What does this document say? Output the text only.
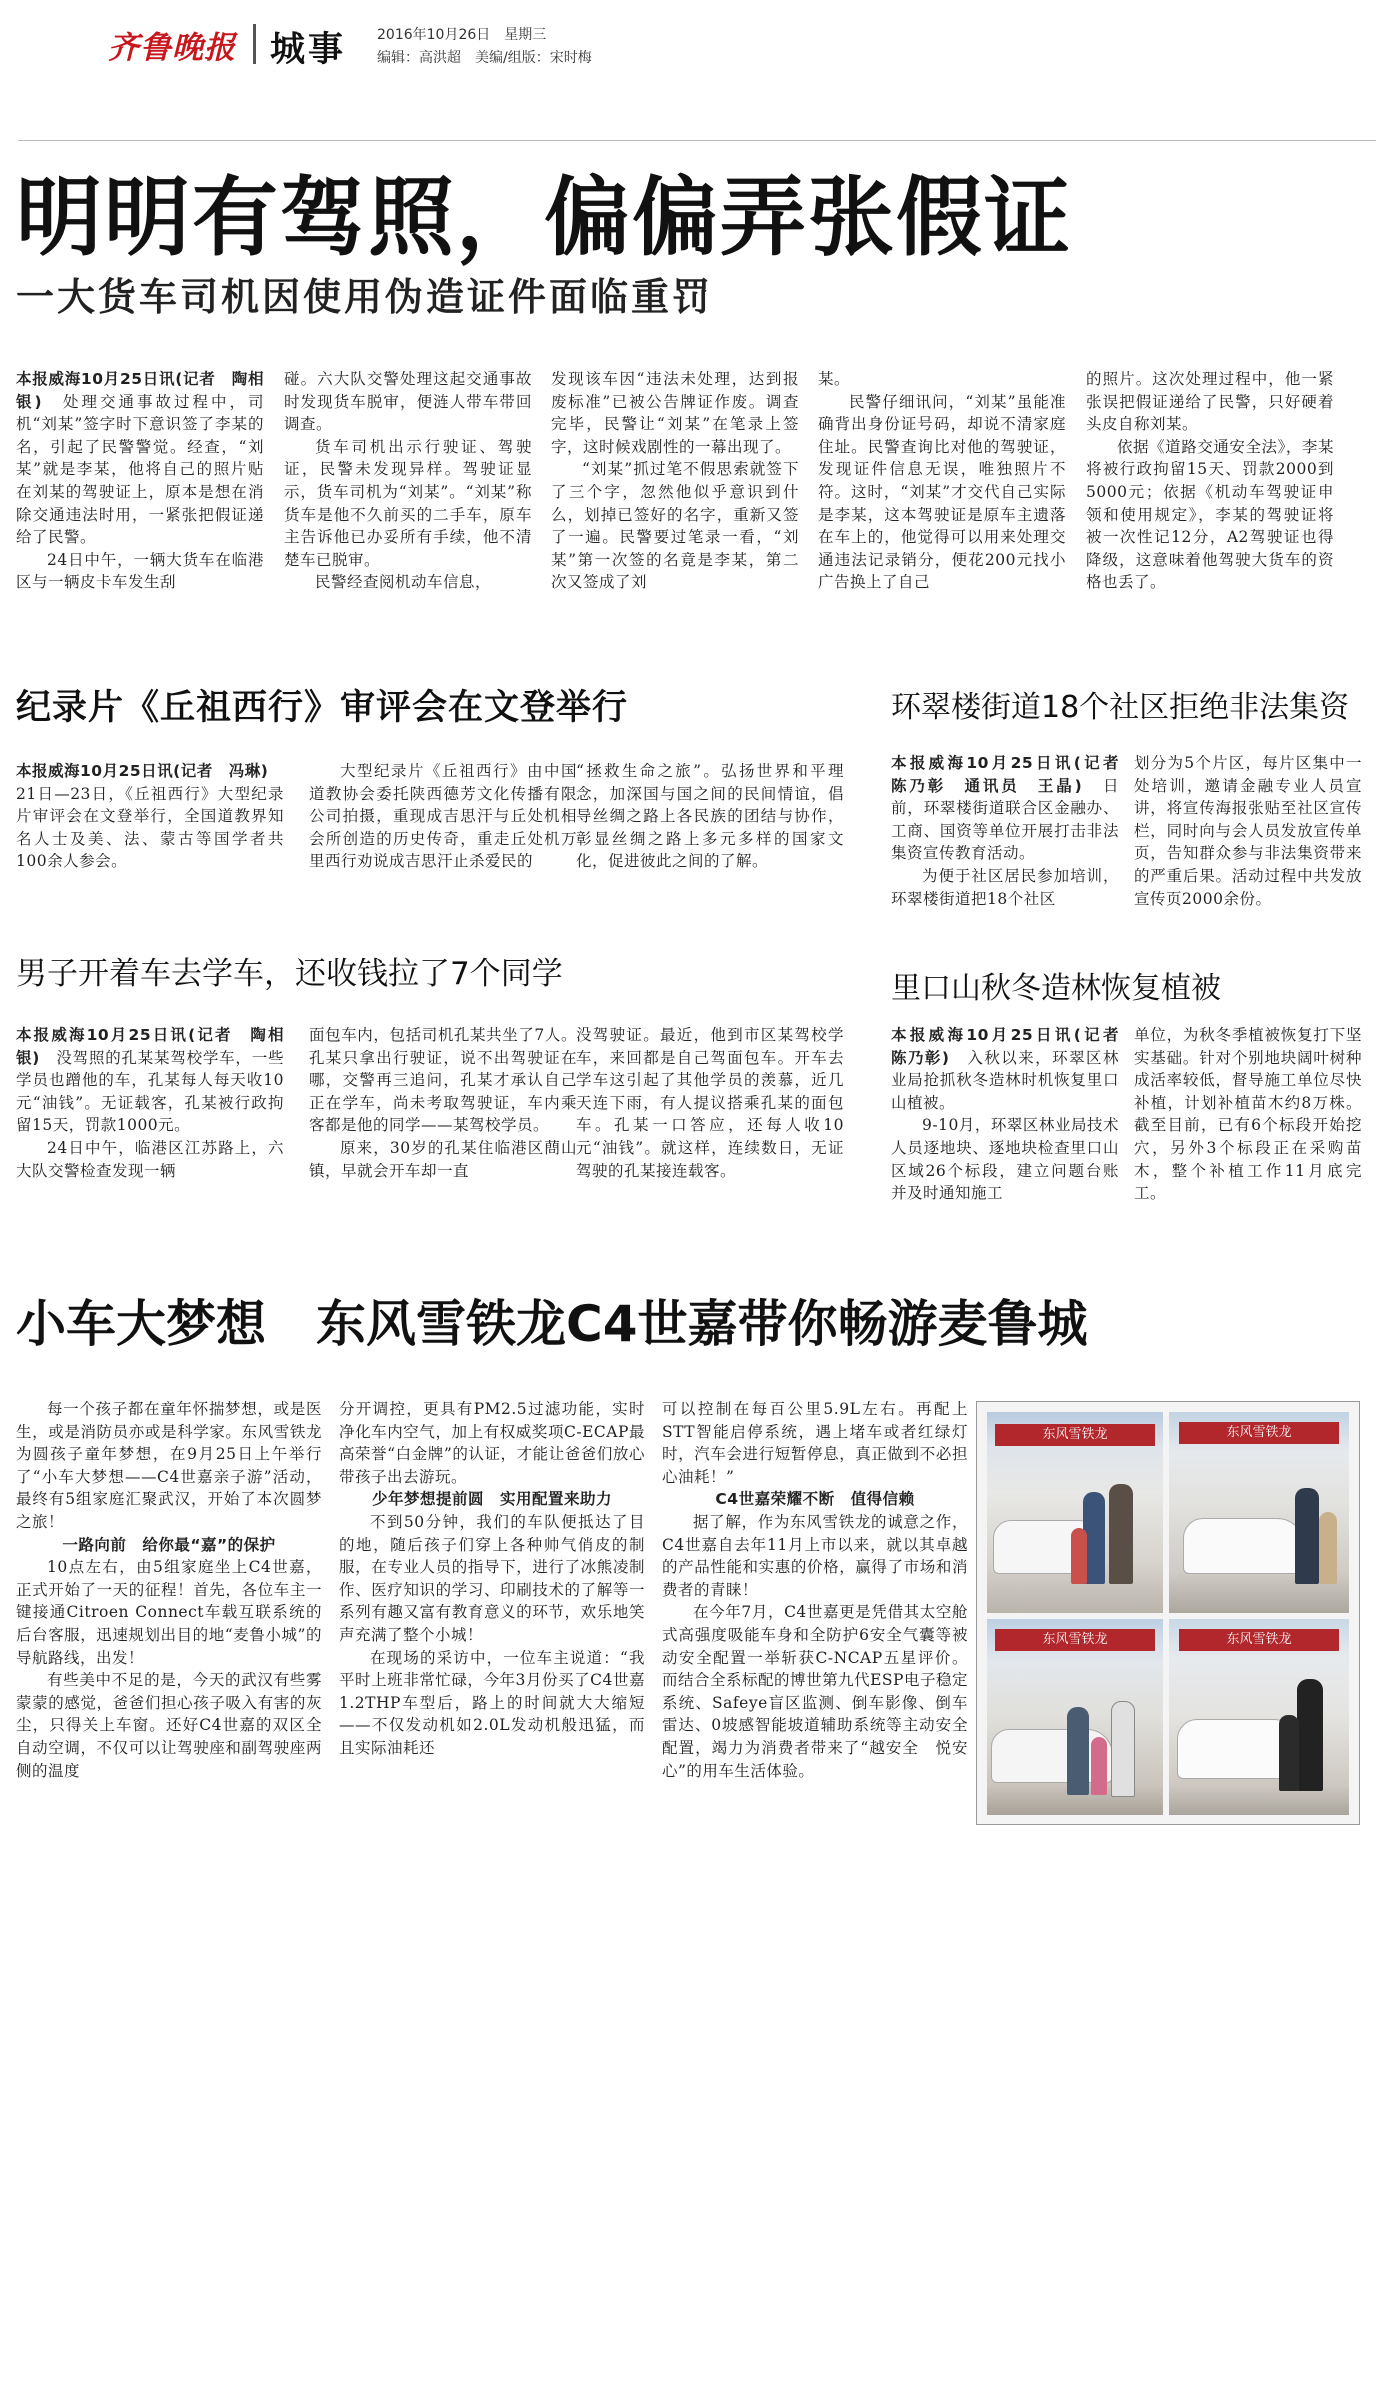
齐鲁晚报 城事 2016年10月26日　星期三
编辑：高洪超　美编/组版：宋时梅
明明有驾照，偏偏弄张假证
一大货车司机因使用伪造证件面临重罚

本报威海10月25日讯(记者　陶相银)　处理交通事故过程中，司机“刘某”签字时下意识签了李某的名，引起了民警警觉。经查，“刘某”就是李某，他将自己的照片贴在刘某的驾驶证上，原本是想在消除交通违法时用，一紧张把假证递给了民警。

24日中午，一辆大货车在临港区与一辆皮卡车发生刮

碰。六大队交警处理这起交通事故时发现货车脱审，便涟人带车带回调查。

货车司机出示行驶证、驾驶证，民警未发现异样。驾驶证显示，货车司机为“刘某”。“刘某”称货车是他不久前买的二手车，原车主告诉他已办妥所有手续，他不清楚车已脱审。

民警经查阅机动车信息，

发现该车因“违法未处理，达到报废标准”已被公告牌证作废。调查完毕，民警让“刘某”在笔录上签字，这时候戏剧性的一幕出现了。

“刘某”抓过笔不假思索就签下了三个字，忽然他似乎意识到什么，划掉已签好的名字，重新又签了一遍。民警要过笔录一看，“刘某”第一次签的名竟是李某，第二次又签成了刘

某。

民警仔细讯问，“刘某”虽能准确背出身份证号码，却说不清家庭住址。民警查询比对他的驾驶证，发现证件信息无误，唯独照片不符。这时，“刘某”才交代自己实际是李某，这本驾驶证是原车主遗落在车上的，他觉得可以用来处理交通违法记录销分，便花200元找小广告换上了自己

的照片。这次处理过程中，他一紧张误把假证递给了民警，只好硬着头皮自称刘某。

依据《道路交通安全法》，李某将被行政拘留15天、罚款2000到5000元；依据《机动车驾驶证申领和使用规定》，李某的驾驶证将被一次性记12分，A2驾驶证也得降级，这意味着他驾驶大货车的资格也丢了。

纪录片《丘祖西行》审评会在文登举行

本报威海10月25日讯(记者　冯琳)　21日—23日，《丘祖西行》大型纪录片审评会在文登举行，全国道教界知名人士及美、法、蒙古等国学者共100余人参会。

大型纪录片《丘祖西行》由中国道教协会委托陕西德芳文化传播有限公司拍摄，重现成吉思汗与丘处机相会所创造的历史传奇，重走丘处机万里西行劝说成吉思汗止杀爱民的

“拯救生命之旅”。弘扬世界和平理念，加深国与国之间的民间情谊，倡导丝绸之路上各民族的团结与协作，彰显丝绸之路上多元多样的国家文化，促进彼此之间的了解。

环翠楼街道18个社区拒绝非法集资

本报威海10月25日讯(记者　陈乃彰　通讯员　王晶)　日前，环翠楼街道联合区金融办、工商、国资等单位开展打击非法集资宣传教育活动。

为便于社区居民参加培训，环翠楼街道把18个社区

划分为5个片区，每片区集中一处培训，邀请金融专业人员宣讲，将宣传海报张贴至社区宣传栏，同时向与会人员发放宣传单页，告知群众参与非法集资带来的严重后果。活动过程中共发放宣传页2000余份。

男子开着车去学车，还收钱拉了7个同学

本报威海10月25日讯(记者　陶相银)　没驾照的孔某某驾校学车，一些学员也蹭他的车，孔某每人每天收10元“油钱”。无证载客，孔某被行政拘留15天，罚款1000元。

24日中午，临港区江苏路上，六大队交警检查发现一辆

面包车内，包括司机孔某共坐了7人。孔某只拿出行驶证，说不出驾驶证在哪，交警再三追问，孔某才承认自己正在学车，尚未考取驾驶证，车内乘客都是他的同学——某驾校学员。

原来，30岁的孔某住临港区蔄山镇，早就会开车却一直

没驾驶证。最近，他到市区某驾校学车，来回都是自己驾面包车。开车去学车这引起了其他学员的羡慕，近几天连下雨，有人提议搭乘孔某的面包车。孔某一口答应，还每人收10元“油钱”。就这样，连续数日，无证驾驶的孔某接连载客。

里口山秋冬造林恢复植被

本报威海10月25日讯(记者　陈乃彰)　入秋以来，环翠区林业局抢抓秋冬造林时机恢复里口山植被。

9-10月，环翠区林业局技术人员逐地块、逐地块检查里口山区域26个标段，建立问题台账并及时通知施工

单位，为秋冬季植被恢复打下坚实基础。针对个别地块阔叶树种成活率较低，督导施工单位尽快补植，计划补植苗木约8万株。截至目前，已有6个标段开始挖穴，另外3个标段正在采购苗木，整个补植工作11月底完工。

小车大梦想　东风雪铁龙C4世嘉带你畅游麦鲁城

每一个孩子都在童年怀揣梦想，或是医生，或是消防员亦或是科学家。东风雪铁龙为圆孩子童年梦想，在9月25日上午举行了“小车大梦想——C4世嘉亲子游”活动，最终有5组家庭汇聚武汉，开始了本次圆梦之旅！

一路向前　给你最“嘉”的保护

10点左右，由5组家庭坐上C4世嘉，正式开始了一天的征程！首先，各位车主一键接通Citroen Connect车载互联系统的后台客服，迅速规划出目的地“麦鲁小城”的导航路线，出发！

有些美中不足的是，今天的武汉有些雾蒙蒙的感觉，爸爸们担心孩子吸入有害的灰尘，只得关上车窗。还好C4世嘉的双区全自动空调，不仅可以让驾驶座和副驾驶座两侧的温度

分开调控，更具有PM2.5过滤功能，实时净化车内空气，加上有权威奖项C-ECAP最高荣誉“白金牌”的认证，才能让爸爸们放心带孩子出去游玩。

少年梦想提前圆　实用配置来助力

不到50分钟，我们的车队便抵达了目的地，随后孩子们穿上各种帅气俏皮的制服，在专业人员的指导下，进行了冰熊凌制作、医疗知识的学习、印刷技术的了解等一系列有趣又富有教育意义的环节，欢乐地笑声充满了整个小城！

在现场的采访中，一位车主说道：“我平时上班非常忙碌，今年3月份买了C4世嘉1.2THP车型后，路上的时间就大大缩短——不仅发动机如2.0L发动机般迅猛，而且实际油耗还

可以控制在每百公里5.9L左右。再配上STT智能启停系统，遇上堵车或者红绿灯时，汽车会进行短暂停息，真正做到不必担心油耗！”

C4世嘉荣耀不断　值得信赖

据了解，作为东风雪铁龙的诚意之作，C4世嘉自去年11月上市以来，就以其卓越的产品性能和实惠的价格，赢得了市场和消费者的青睐！

在今年7月，C4世嘉更是凭借其太空舱式高强度吸能车身和全防护6安全气囊等被动安全配置一举斩获C-NCAP五星评价。而结合全系标配的博世第九代ESP电子稳定系统、Safeye盲区监测、倒车影像、倒车雷达、0坡感智能坡道辅助系统等主动安全配置，竭力为消费者带来了“越安全　悦安心”的用车生活体验。

东风雪铁龙	东风雪铁龙
东风雪铁龙	东风雪铁龙
